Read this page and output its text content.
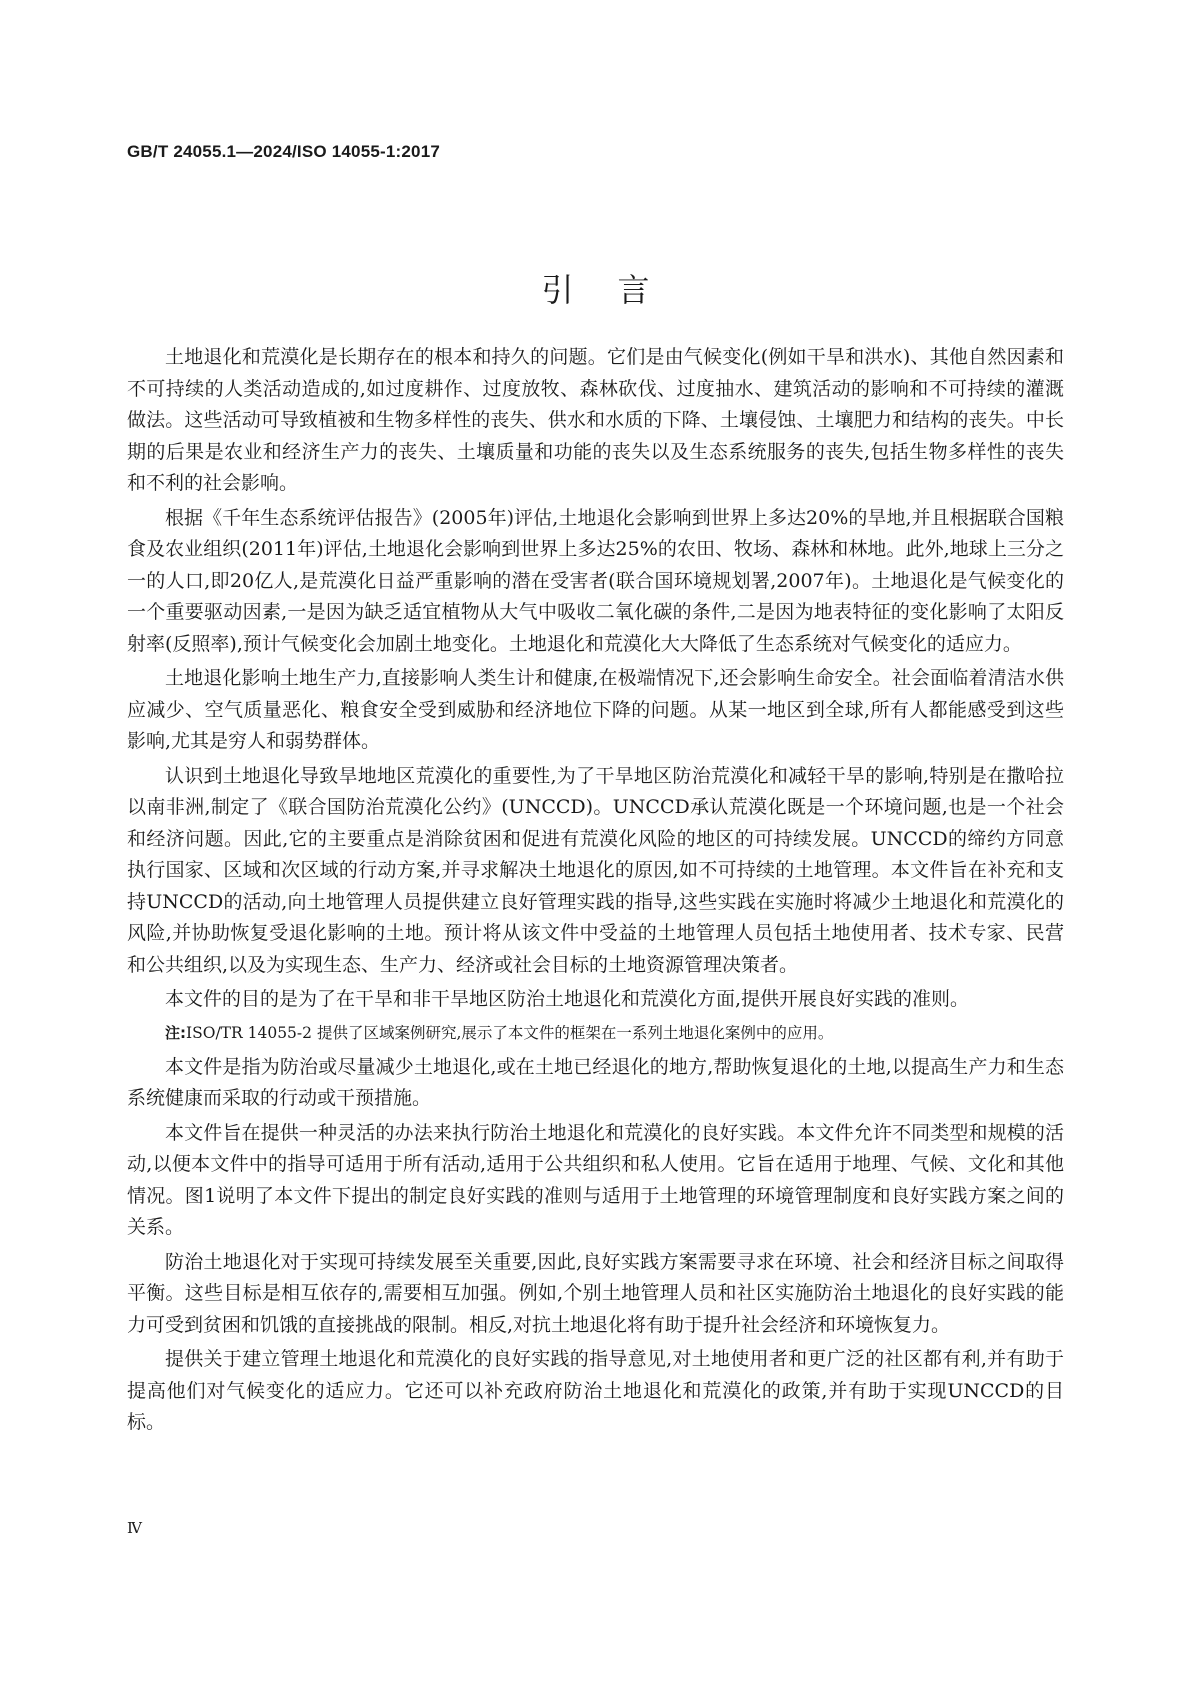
GB/T 24055.1—2024/ISO 14055-1:2017
引言

土地退化和荒漠化是长期存在的根本和持久的问题。它们是由气候变化(例如干旱和洪水)、其他自然因素和不可持续的人类活动造成的,如过度耕作、过度放牧、森林砍伐、过度抽水、建筑活动的影响和不可持续的灌溉做法。这些活动可导致植被和生物多样性的丧失、供水和水质的下降、土壤侵蚀、土壤肥力和结构的丧失。中长期的后果是农业和经济生产力的丧失、土壤质量和功能的丧失以及生态系统服务的丧失,包括生物多样性的丧失和不利的社会影响。

根据《千年生态系统评估报告》(2005年)评估,土地退化会影响到世界上多达20%的旱地,并且根据联合国粮食及农业组织(2011年)评估,土地退化会影响到世界上多达25%的农田、牧场、森林和林地。此外,地球上三分之一的人口,即20亿人,是荒漠化日益严重影响的潜在受害者(联合国环境规划署,2007年)。土地退化是气候变化的一个重要驱动因素,一是因为缺乏适宜植物从大气中吸收二氧化碳的条件,二是因为地表特征的变化影响了太阳反射率(反照率),预计气候变化会加剧土地变化。土地退化和荒漠化大大降低了生态系统对气候变化的适应力。

土地退化影响土地生产力,直接影响人类生计和健康,在极端情况下,还会影响生命安全。社会面临着清洁水供应减少、空气质量恶化、粮食安全受到威胁和经济地位下降的问题。从某一地区到全球,所有人都能感受到这些影响,尤其是穷人和弱势群体。

认识到土地退化导致旱地地区荒漠化的重要性,为了干旱地区防治荒漠化和减轻干旱的影响,特别是在撒哈拉以南非洲,制定了《联合国防治荒漠化公约》(UNCCD)。UNCCD承认荒漠化既是一个环境问题,也是一个社会和经济问题。因此,它的主要重点是消除贫困和促进有荒漠化风险的地区的可持续发展。UNCCD的缔约方同意执行国家、区域和次区域的行动方案,并寻求解决土地退化的原因,如不可持续的土地管理。本文件旨在补充和支持UNCCD的活动,向土地管理人员提供建立良好管理实践的指导,这些实践在实施时将减少土地退化和荒漠化的风险,并协助恢复受退化影响的土地。预计将从该文件中受益的土地管理人员包括土地使用者、技术专家、民营和公共组织,以及为实现生态、生产力、经济或社会目标的土地资源管理决策者。

本文件的目的是为了在干旱和非干旱地区防治土地退化和荒漠化方面,提供开展良好实践的准则。

注:ISO/TR 14055-2 提供了区域案例研究,展示了本文件的框架在一系列土地退化案例中的应用。

本文件是指为防治或尽量减少土地退化,或在土地已经退化的地方,帮助恢复退化的土地,以提高生产力和生态系统健康而采取的行动或干预措施。

本文件旨在提供一种灵活的办法来执行防治土地退化和荒漠化的良好实践。本文件允许不同类型和规模的活动,以便本文件中的指导可适用于所有活动,适用于公共组织和私人使用。它旨在适用于地理、气候、文化和其他情况。图1说明了本文件下提出的制定良好实践的准则与适用于土地管理的环境管理制度和良好实践方案之间的关系。

防治土地退化对于实现可持续发展至关重要,因此,良好实践方案需要寻求在环境、社会和经济目标之间取得平衡。这些目标是相互依存的,需要相互加强。例如,个别土地管理人员和社区实施防治土地退化的良好实践的能力可受到贫困和饥饿的直接挑战的限制。相反,对抗土地退化将有助于提升社会经济和环境恢复力。

提供关于建立管理土地退化和荒漠化的良好实践的指导意见,对土地使用者和更广泛的社区都有利,并有助于提高他们对气候变化的适应力。它还可以补充政府防治土地退化和荒漠化的政策,并有助于实现UNCCD的目标。

Ⅳ
